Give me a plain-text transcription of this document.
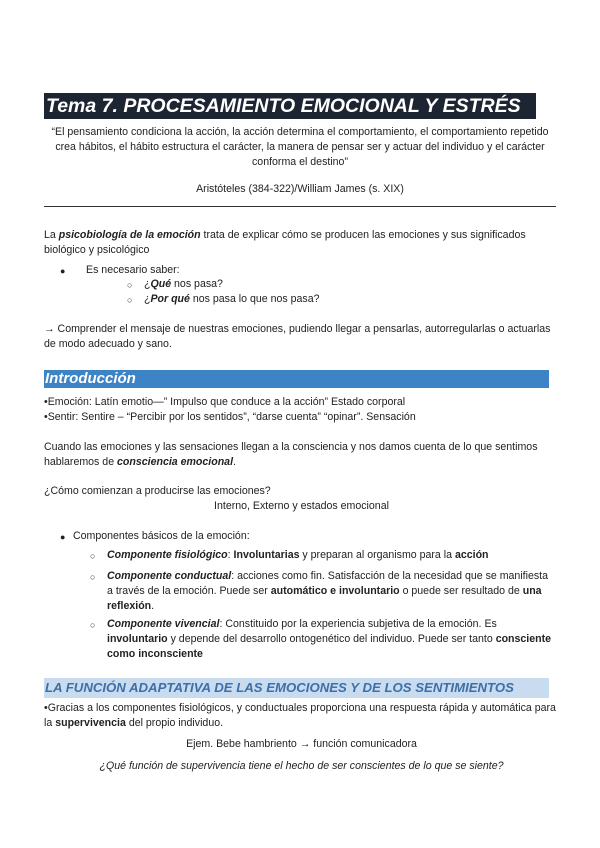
Tema 7. PROCESAMIENTO EMOCIONAL Y ESTRÉS
“El pensamiento condiciona la acción, la acción determina el comportamiento, el comportamiento repetido crea hábitos, el hábito estructura el carácter, la manera de pensar ser y actuar del individuo y el carácter conforma el destino”
Aristóteles (384-322)/William James (s. XIX)
La psicobiología de la emoción trata de explicar cómo se producen las emociones y sus significados biológico y psicológico
● Es necesario saber:
○ ¿Qué nos pasa?
○ ¿Por qué nos pasa lo que nos pasa?
→ Comprender el mensaje de nuestras emociones, pudiendo llegar a pensarlas, autorregularlas o actuarlas de modo adecuado y sano.
Introducción
•Emoción: Latín emotio—” Impulso que conduce a la acción” Estado corporal
•Sentir: Sentire – “Percibir por los sentidos”, “darse cuenta” “opinar”. Sensación
Cuando las emociones y las sensaciones llegan a la consciencia y nos damos cuenta de lo que sentimos hablaremos de consciencia emocional.
¿Cómo comienzan a producirse las emociones?
Interno, Externo y estados emocional
● Componentes básicos de la emoción:
○ Componente fisiológico: Involuntarias y preparan al organismo para la acción
○ Componente conductual: acciones como fin. Satisfacción de la necesidad que se manifiesta a través de la emoción. Puede ser automático e involuntario o puede ser resultado de una reflexión.
○ Componente vivencial: Constituido por la experiencia subjetiva de la emoción. Es involuntario y depende del desarrollo ontogenético del individuo. Puede ser tanto consciente como inconsciente
LA FUNCIÓN ADAPTATIVA DE LAS EMOCIONES Y DE LOS SENTIMIENTOS
•Gracias a los componentes fisiológicos, y conductuales proporciona una respuesta rápida y automática para la supervivencia del propio individuo.
Ejem. Bebe hambriento → función comunicadora
¿Qué función de supervivencia tiene el hecho de ser conscientes de lo que se siente?
